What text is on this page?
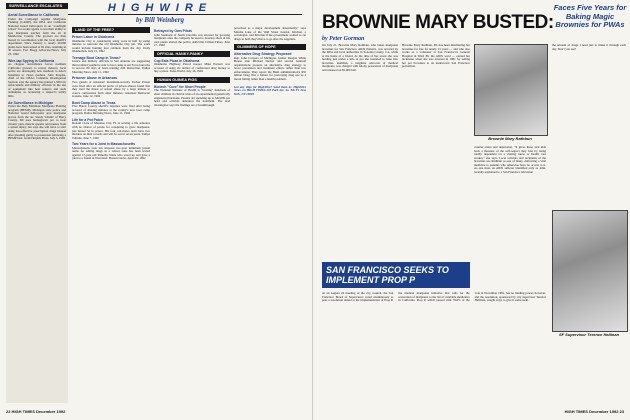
HIGHWIRE
by Bill Weinberg
SURVEILLANCE ESCALATES
Aerial Surveillance in California
Under the Campaign Against Marijuana Planting (CAMP), the DEA and California National Guard helicopters in an "overflight school" for rookie agents to test their ability to spot marijuana patches from the air in Mendocino County. The growers are then busted in coordination with the local sheriff's department. Since January 1, nearly 20,000 plants have been seized at 65 sites, resulting in 30 arrests. Fort Bragg Advocate-News, July 23, 1992
Wire-tap Spying in California
As chopper surveillance forces northern California growers to retreat indoors, local police are developing new methods to detect basement or closet gardens. John Peoples, chief of the DEA's Cannabis Investigation Section, says the agency has trained 1,500 law enforcement and military officials in the use of equipment like heat sensors and such techniques as reviewing a suspect's utility bills.
Air Surveillance in Michigan
Under the Help Eliminate Marijuana Planting program (HEMP), Michigan state police and National Guard helicopters spot marijuana groves from the air. Sandy Schultz of Barry County, MI uses homegrown pot to treat chronic pain, muscle spasms and nausea from a spinal injury, but says she will have to start using less-effective prescription drugs instead after pleading guilty to possession following a HEMP bust. Grand Rapids Press, July 3, 1992
LAND OF THE FREE?
Prison Labor in Oklahoma
Oklahoma City is considering using costs in half by using inmates to renovate the old Oklahoma City jail. The work would include hauling four cabinets from the city. Daily Oklahoman, July 15, 1992
Teenage Boot Camp in Texas?
Justice and military officials in San Antonio are suggesting that troubled youths be sent to boot camp at Air Force barracks to recover 80 days of basic-training drill instruction. Dallas Morning News, July 11, 1992
Prisoner Abuse in Arkansas
Two guards at Arkansas' maximum-security Tucker Prison were fired after an official probe of prison abuses found that they used the threat of sexual abuse by a large inmate to coerce confessions from other inmates. Arkansas Democrat Gazette, June 12, 1992
Boot Camp Abuse in Texas
Five Harris County sheriff's deputies were fired after being accused of abusing inmates at the county's new boot camp program. Dallas Morning News, June 11, 1992
Life for a Pot Patch
Donald Clark of Manatee City, FL is serving a life sentence with no chance of parole for conspiring to grow marijuana, just turned 52 in prison. His four cell-mates don't have two murders on their records and will be out in seven years. Tampa Tribune, June 7, 1992
Two Years for a Joint in Massachusetts
Massachusetts state law imposes two-year minimum prison terms for selling drugs in a school zone has been levied against 17-year-old Timothy Watts who stood up and gave a joint to a friend in Worcester. Boston Globe, April 29, 1992
Betrayed by Own Pilots
John Stanbuck of North Carolina was arrested for growing marijuana after the company he used to develop shots of his own plants alerted the police. Asheville Citizen-Times, June 17, 1992
OFFICIAL HANKY-PANKY
Cop Eats Pizza in Oklahoma
Oklahoma Highway Patrol trooper Mike Puckett was accused of using six dollars of confiscated drug money to buy a pizza. Tulsa World, July 16, 1992
HUMAN GUINEA PIGS
Biotech "Cure" for Short People
The National Institute of Health is "treating" hundreds of short children in clinical trials of an experimental genetically engineered hormone. Parents are spending up to $40,000 per head and activists denounce the treatment. The lead investigator says the findings are a breakthrough.
perceived as a major development abnormality," says Marsha Lane of the Wall Street Journal. Kitchen, a sociologist, told him that if the government wanted to cut drugs in half, they'd have to go after the suppliers.
GLIMMERS OF HOPE
Alternative Drug Strategy Proposed
Rep. John Conyers of Michigan, former Reagan White House aide Michael Deaver and several national organizations propose an alternative drug strategy to boost prevention and treatment efforts rather than law enforcement. They report the Bush administration's $35 billion Drug War a failure for portraying drug use as a moral failing rather than a health problem.
Got any clips for HighWire? Send them to: HighWire News c/o HIGH TIMES 235 Park Ave. So. 5th Fl. New York, NY 10003
22 HIGH TIMES December 1992
BROWNIE MARY BUSTED:
Faces Five Years for Baking Magic Brownies for PWAs
by Peter Gorman
On July 21, Brownie Mary Rathbun, who bakes marijuana brownies for San Francisco AIDS Patients, was arrested by the DEA and local authorities in Sonoma County, CA, while at the home of a friend. At the time of her arrest she was holding just under a kilo of pot she intended to bake into brownies. Rathbun, a longtime advocate of medical marijuana, was charged with felony possession of marijuana and released on $5,000 bail.
Brownie Mary Rathbun, 68, has been distributing her brownies for free for nearly 15 years — and who also works as a volunteer at San Francisco's General Hospital in Ward 86, the AIDS ward — earned her nickname when she was arrested in 1981 for selling her pot brownies to an undercover San Francisco policeman.
Brownie Mary Rathbun
counter stress and depression. "It gives these sick kids back a measure of the self-respect they lose by being totally dependent on a visiting nurse or health care worker," she says. Local activists and recipients of the brownies see Rathbun as one of many, delivering a vital medicine to patients who otherwise have no access to it. As one man, an AIDS sufferer identified only as John, recently explained to a San Francisco television
the amount of drugs I need just to make it through each day. Don't you see?
SAN FRANCISCO SEEKS TO IMPLEMENT PROP P
At an August 24 meeting of the city council, the San Francisco Board of Supervisors voted unanimously to pass a resolution aimed at the implementation of Prop P, the medical marijuana initiative that calls for the restoration of marijuana to the list of available medicines in California. Prop P, which passed with 79.6% of the vote in November 1991, has no binding power, however, and the resolution, sponsored by city supervisor Terence Hallinan, sought ways to give it some teeth.
SF Supervisor Terence Hallinan
HIGH TIMES December 1992 23
